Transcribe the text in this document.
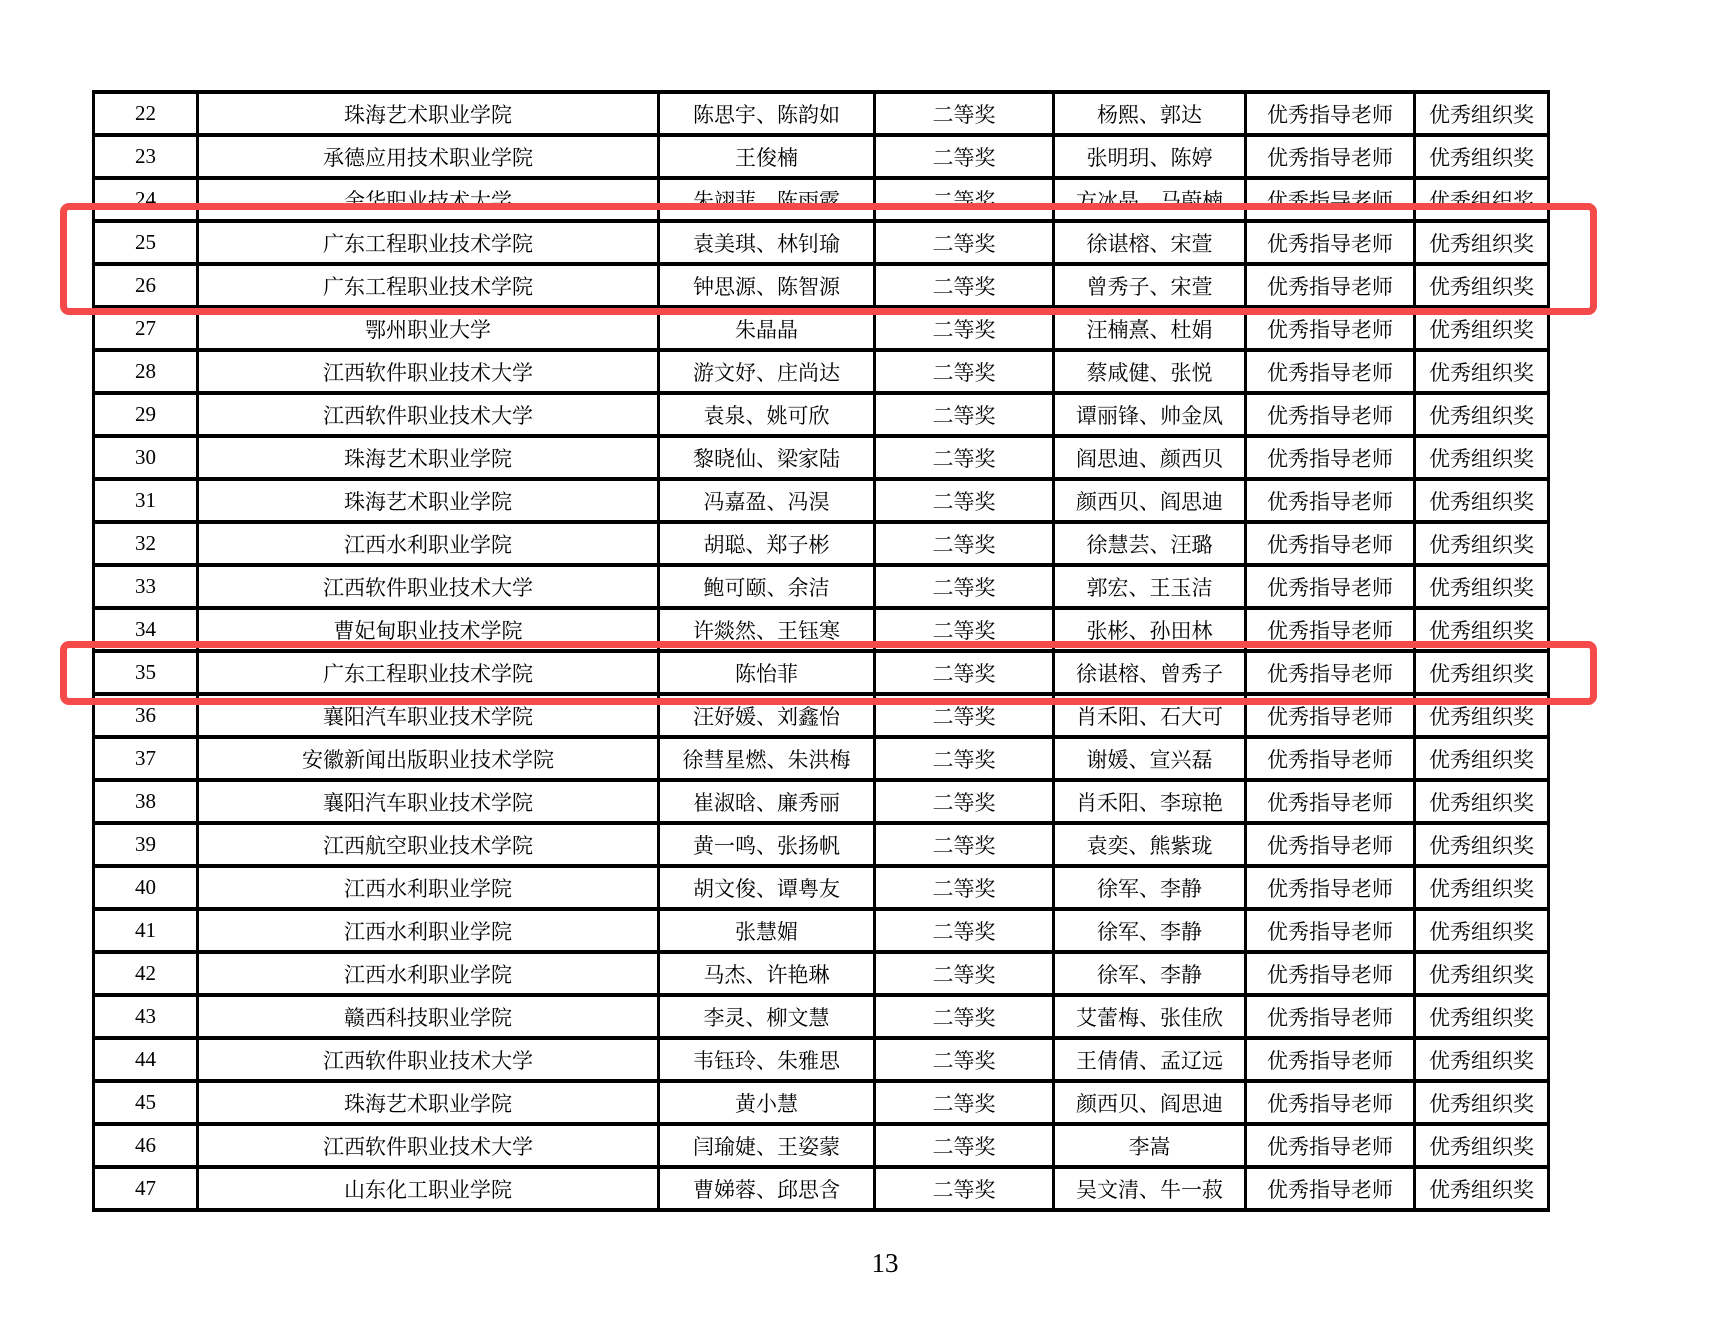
22	珠海艺术职业学院	陈思宇、陈韵如	二等奖	杨熙、郭达	优秀指导老师	优秀组织奖
23	承德应用技术职业学院	王俊楠	二等奖	张明玥、陈婷	优秀指导老师	优秀组织奖
24	金华职业技术大学	朱翊菲、陈雨露	二等奖	方冰晶、马蔚楠	优秀指导老师	优秀组织奖
25	广东工程职业技术学院	袁美琪、林钊瑜	二等奖	徐谌榕、宋萱	优秀指导老师	优秀组织奖
26	广东工程职业技术学院	钟思源、陈智源	二等奖	曾秀子、宋萱	优秀指导老师	优秀组织奖
27	鄂州职业大学	朱晶晶	二等奖	汪楠熹、杜娟	优秀指导老师	优秀组织奖
28	江西软件职业技术大学	游文妤、庄尚达	二等奖	蔡咸健、张悦	优秀指导老师	优秀组织奖
29	江西软件职业技术大学	袁泉、姚可欣	二等奖	谭丽锋、帅金凤	优秀指导老师	优秀组织奖
30	珠海艺术职业学院	黎晓仙、梁家陆	二等奖	阎思迪、颜西贝	优秀指导老师	优秀组织奖
31	珠海艺术职业学院	冯嘉盈、冯淏	二等奖	颜西贝、阎思迪	优秀指导老师	优秀组织奖
32	江西水利职业学院	胡聪、郑子彬	二等奖	徐慧芸、汪璐	优秀指导老师	优秀组织奖
33	江西软件职业技术大学	鲍可颐、余洁	二等奖	郭宏、王玉洁	优秀指导老师	优秀组织奖
34	曹妃甸职业技术学院	许燚然、王钰寒	二等奖	张彬、孙田林	优秀指导老师	优秀组织奖
35	广东工程职业技术学院	陈怡菲	二等奖	徐谌榕、曾秀子	优秀指导老师	优秀组织奖
36	襄阳汽车职业技术学院	汪妤媛、刘鑫怡	二等奖	肖禾阳、石大可	优秀指导老师	优秀组织奖
37	安徽新闻出版职业技术学院	徐彗星燃、朱洪梅	二等奖	谢媛、宣兴磊	优秀指导老师	优秀组织奖
38	襄阳汽车职业技术学院	崔淑晗、廉秀丽	二等奖	肖禾阳、李琼艳	优秀指导老师	优秀组织奖
39	江西航空职业技术学院	黄一鸣、张扬帆	二等奖	袁奕、熊紫珑	优秀指导老师	优秀组织奖
40	江西水利职业学院	胡文俊、谭粤友	二等奖	徐军、李静	优秀指导老师	优秀组织奖
41	江西水利职业学院	张慧媚	二等奖	徐军、李静	优秀指导老师	优秀组织奖
42	江西水利职业学院	马杰、许艳琳	二等奖	徐军、李静	优秀指导老师	优秀组织奖
43	赣西科技职业学院	李灵、柳文慧	二等奖	艾蕾梅、张佳欣	优秀指导老师	优秀组织奖
44	江西软件职业技术大学	韦钰玲、朱雅思	二等奖	王倩倩、孟辽远	优秀指导老师	优秀组织奖
45	珠海艺术职业学院	黄小慧	二等奖	颜西贝、阎思迪	优秀指导老师	优秀组织奖
46	江西软件职业技术大学	闫瑜婕、王姿蒙	二等奖	李嵩	优秀指导老师	优秀组织奖
47	山东化工职业学院	曹娣蓉、邱思含	二等奖	吴文清、牛一菽	优秀指导老师	优秀组织奖
13
